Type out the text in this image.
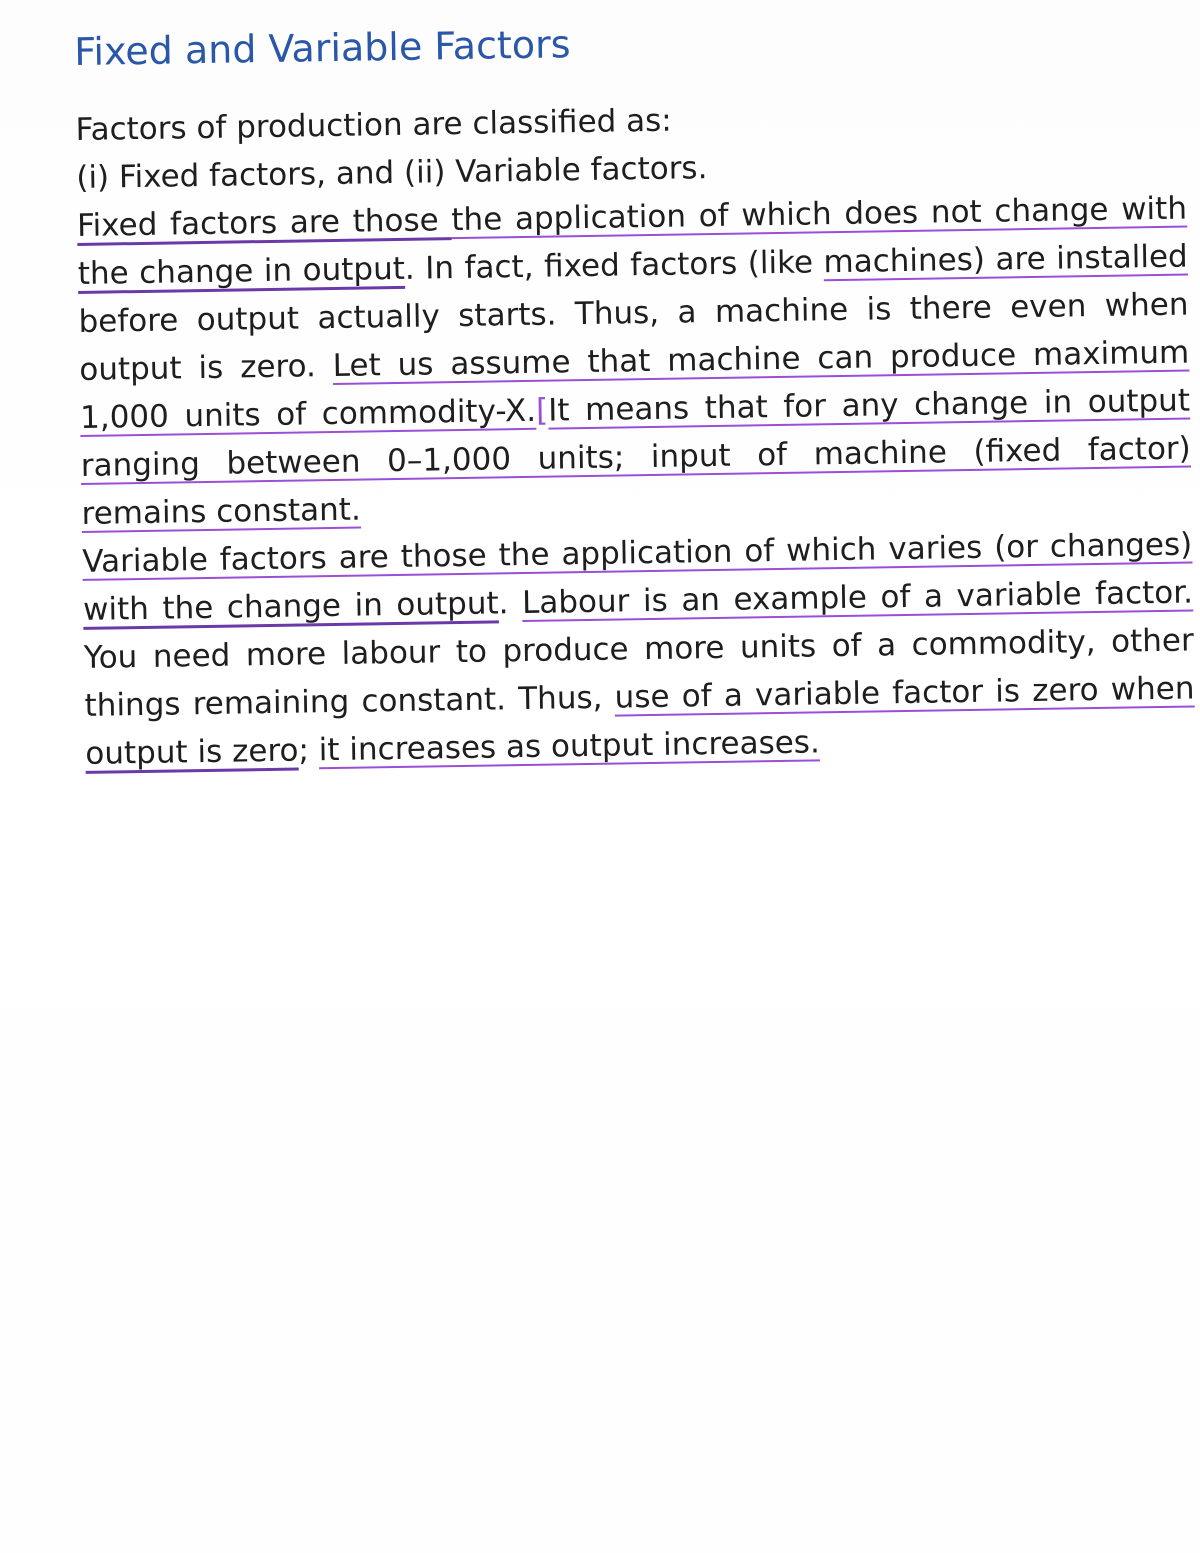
Fixed and Variable Factors

Factors of production are classified as:

(i) Fixed factors, and (ii) Variable factors.

Fixed factors are those the application of which does not change with

the change in output. In fact, fixed factors (like machines) are installed

before output actually starts. Thus, a machine is there even when

output is zero. Let us assume that machine can produce maximum

1,000 units of commodity-X.[It means that for any change in output

ranging between 0–1,000 units; input of machine (fixed factor)

remains constant.

Variable factors are those the application of which varies (or changes)

with the change in output. Labour is an example of a variable factor.

You need more labour to produce more units of a commodity, other

things remaining constant. Thus, use of a variable factor is zero when

output is zero; it increases as output increases.
